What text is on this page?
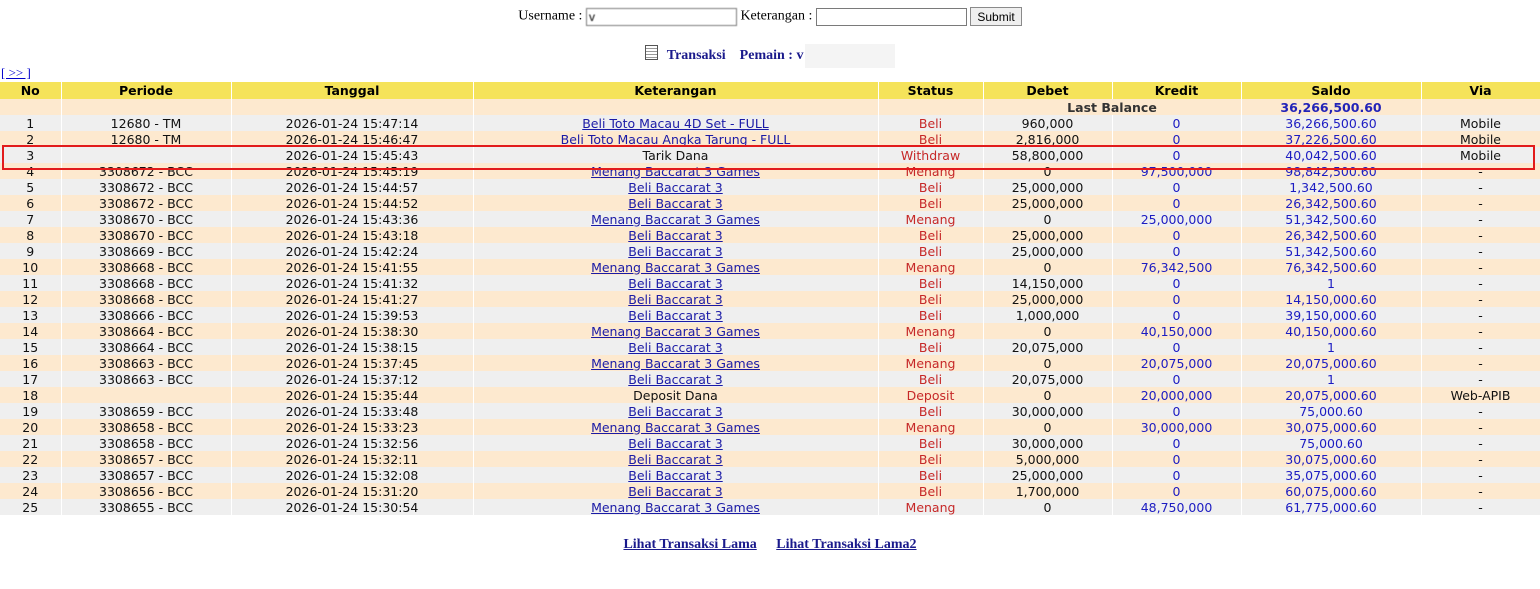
Username : v	Keterangan :	Submit
Transaksi Pemain : v
[ >> ]
No	Periode	Tanggal	Keterangan	Status	Debet	Kredit	Saldo	Via
					Last Balance		36,266,500.60	
1	12680 - TM	2026-01-24 15:47:14	Beli Toto Macau 4D Set - FULL	Beli	960,000	0	36,266,500.60	Mobile
2	12680 - TM	2026-01-24 15:46:47	Beli Toto Macau Angka Tarung - FULL	Beli	2,816,000	0	37,226,500.60	Mobile
3		2026-01-24 15:45:43	Tarik Dana	Withdraw	58,800,000	0	40,042,500.60	Mobile
4	3308672 - BCC	2026-01-24 15:45:19	Menang Baccarat 3 Games	Menang	0	97,500,000	98,842,500.60	-
5	3308672 - BCC	2026-01-24 15:44:57	Beli Baccarat 3	Beli	25,000,000	0	1,342,500.60	-
6	3308672 - BCC	2026-01-24 15:44:52	Beli Baccarat 3	Beli	25,000,000	0	26,342,500.60	-
7	3308670 - BCC	2026-01-24 15:43:36	Menang Baccarat 3 Games	Menang	0	25,000,000	51,342,500.60	-
8	3308670 - BCC	2026-01-24 15:43:18	Beli Baccarat 3	Beli	25,000,000	0	26,342,500.60	-
9	3308669 - BCC	2026-01-24 15:42:24	Beli Baccarat 3	Beli	25,000,000	0	51,342,500.60	-
10	3308668 - BCC	2026-01-24 15:41:55	Menang Baccarat 3 Games	Menang	0	76,342,500	76,342,500.60	-
11	3308668 - BCC	2026-01-24 15:41:32	Beli Baccarat 3	Beli	14,150,000	0	1	-
12	3308668 - BCC	2026-01-24 15:41:27	Beli Baccarat 3	Beli	25,000,000	0	14,150,000.60	-
13	3308666 - BCC	2026-01-24 15:39:53	Beli Baccarat 3	Beli	1,000,000	0	39,150,000.60	-
14	3308664 - BCC	2026-01-24 15:38:30	Menang Baccarat 3 Games	Menang	0	40,150,000	40,150,000.60	-
15	3308664 - BCC	2026-01-24 15:38:15	Beli Baccarat 3	Beli	20,075,000	0	1	-
16	3308663 - BCC	2026-01-24 15:37:45	Menang Baccarat 3 Games	Menang	0	20,075,000	20,075,000.60	-
17	3308663 - BCC	2026-01-24 15:37:12	Beli Baccarat 3	Beli	20,075,000	0	1	-
18		2026-01-24 15:35:44	Deposit Dana	Deposit	0	20,000,000	20,075,000.60	Web-APIB
19	3308659 - BCC	2026-01-24 15:33:48	Beli Baccarat 3	Beli	30,000,000	0	75,000.60	-
20	3308658 - BCC	2026-01-24 15:33:23	Menang Baccarat 3 Games	Menang	0	30,000,000	30,075,000.60	-
21	3308658 - BCC	2026-01-24 15:32:56	Beli Baccarat 3	Beli	30,000,000	0	75,000.60	-
22	3308657 - BCC	2026-01-24 15:32:11	Beli Baccarat 3	Beli	5,000,000	0	30,075,000.60	-
23	3308657 - BCC	2026-01-24 15:32:08	Beli Baccarat 3	Beli	25,000,000	0	35,075,000.60	-
24	3308656 - BCC	2026-01-24 15:31:20	Beli Baccarat 3	Beli	1,700,000	0	60,075,000.60	-
25	3308655 - BCC	2026-01-24 15:30:54	Menang Baccarat 3 Games	Menang	0	48,750,000	61,775,000.60	-
Lihat Transaksi Lama Lihat Transaksi Lama2
